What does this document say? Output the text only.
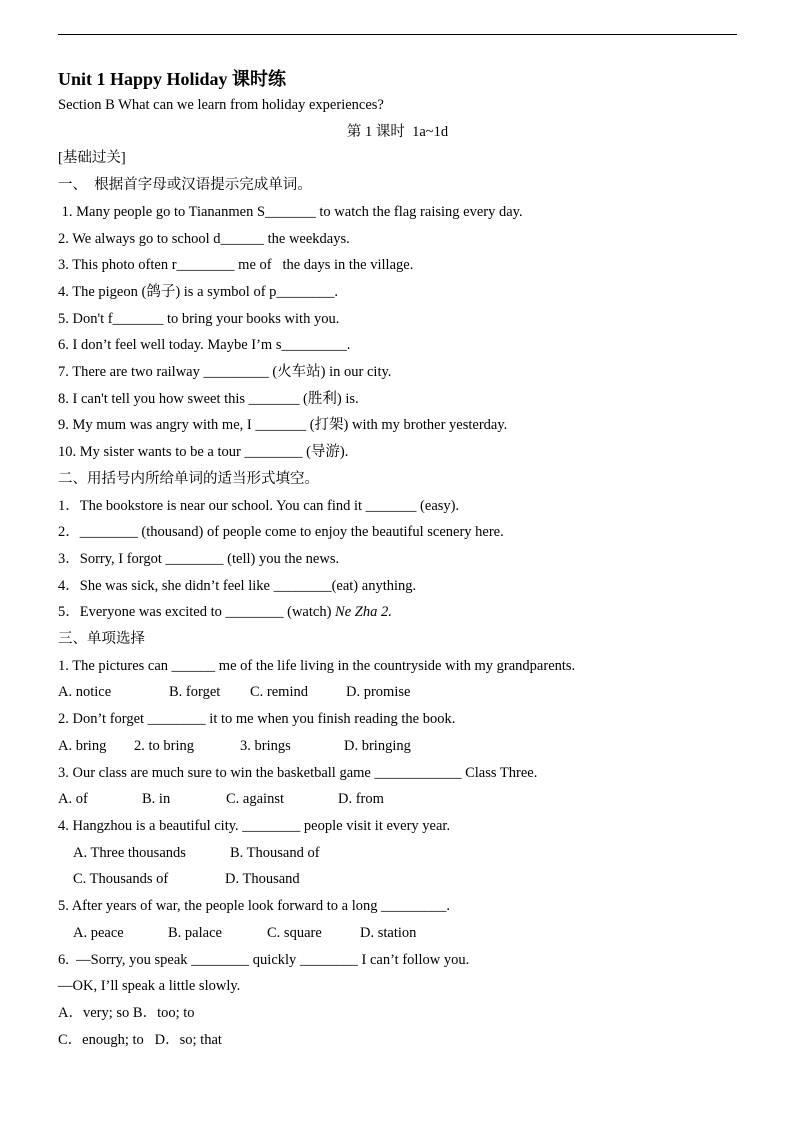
Unit 1 Happy Holiday 课时练
Section B What can we learn from holiday experiences?
第 1 课时  1a~1d
[基础过关]
一、  根据首字母或汉语提示完成单词。
1. Many people go to Tiananmen S_______ to watch the flag raising every day.
2. We always go to school d______ the weekdays.
3. This photo often r________ me of   the days in the village.
4. The pigeon (鸽子) is a symbol of p________.
5. Don't f_______ to bring your books with you.
6. I don’t feel well today. Maybe I’m s_________.
7. There are two railway _________ (火车站) in our city.
8. I can't tell you how sweet this _______ (胜利) is.
9. My mum was angry with me, I _______ (打架) with my brother yesterday.
10. My sister wants to be a tour ________ (导游).
二、用括号内所给单词的适当形式填空。
1．The bookstore is near our school. You can find it _______ (easy).
2．________ (thousand) of people come to enjoy the beautiful scenery here.
3．Sorry, I forgot ________ (tell) you the news.
4．She was sick, she didn’t feel like ________(eat) anything.
5．Everyone was excited to ________ (watch) Ne Zha 2.
三、单项选择
1. The pictures can ______ me of the life living in the countryside with my grandparents.
A. notice	B. forget	C. remind	D. promise
2. Don’t forget ________ it to me when you finish reading the book.
A. bring	2. to bring	3. brings	D. bringing
3. Our class are much sure to win the basketball game ____________ Class Three.
A. of	B. in	C. against	D. from
4. Hangzhou is a beautiful city. ________ people visit it every year.
A. Three thousands	B. Thousand of
C. Thousands of	D. Thousand
5. After years of war, the people look forward to a long _________.
A. peace	B. palace	C. square	D. station
6.  —Sorry, you speak ________ quickly ________ I can’t follow you.
—OK, I’ll speak a little slowly.
A．very; so B．too; to
C．enough; to   D．so; that
